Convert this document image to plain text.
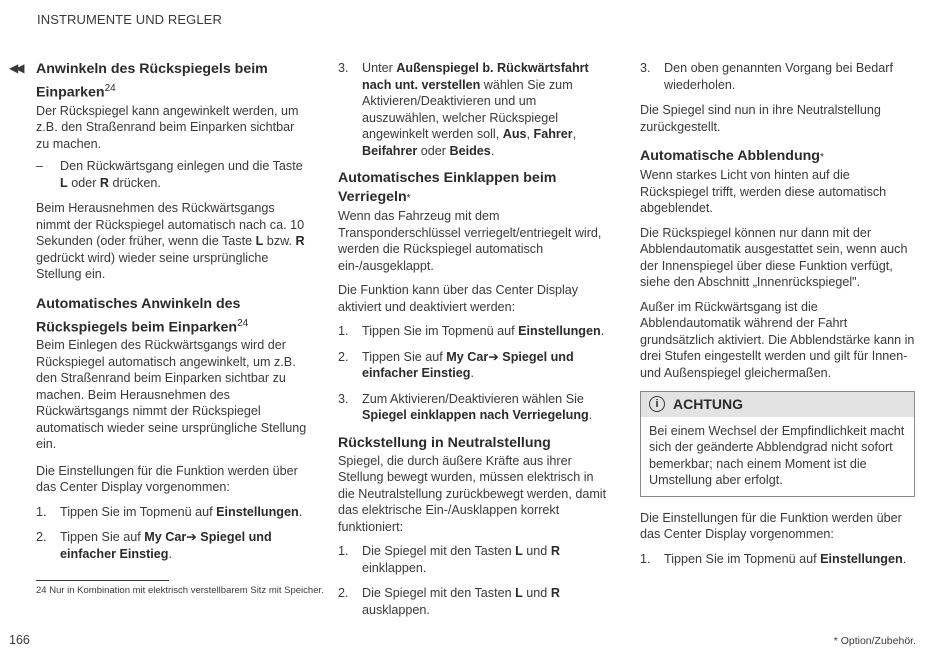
INSTRUMENTE UND REGLER
◀◀ Anwinkeln des Rückspiegels beim Einparken$^{24}$

Der Rückspiegel kann angewinkelt werden, um z.B. den Straßenrand beim Einparken sichtbar zu machen.

– Den Rückwärtsgang einlegen und die Taste L oder R drücken.

Beim Herausnehmen des Rückwärtsgangs nimmt der Rückspiegel automatisch nach ca. 10 Sekunden (oder früher, wenn die Taste L bzw. R gedrückt wird) wieder seine ursprüngliche Stellung ein.

Automatisches Anwinkeln des Rückspiegels beim Einparken$^{24}$

Beim Einlegen des Rückwärtsgangs wird der Rückspiegel automatisch angewinkelt, um z.B. den Straßenrand beim Einparken sichtbar zu machen. Beim Herausnehmen des Rückwärtsgangs nimmt der Rückspiegel automatisch wieder seine ursprüngliche Stellung ein.

Die Einstellungen für die Funktion werden über das Center Display vorgenommen:

1. Tippen Sie im Topmenü auf Einstellungen.
2. Tippen Sie auf My Car➔ Spiegel und einfacher Einstieg.
3. Unter Außenspiegel b. Rückwärtsfahrt nach unt. verstellen wählen Sie zum Aktivieren/Deaktivieren und um auszuwählen, welcher Rückspiegel angewinkelt werden soll, Aus, Fahrer, Beifahrer oder Beides.
Automatisches Einklappen beim Verriegeln*

Wenn das Fahrzeug mit dem Transponderschlüssel verriegelt/entriegelt wird, werden die Rückspiegel automatisch ein-/ausgeklappt.

Die Funktion kann über das Center Display aktiviert und deaktiviert werden:

1. Tippen Sie im Topmenü auf Einstellungen.
2. Tippen Sie auf My Car➔ Spiegel und einfacher Einstieg.
3. Zum Aktivieren/Deaktivieren wählen Sie Spiegel einklappen nach Verriegelung.
Rückstellung in Neutralstellung

Spiegel, die durch äußere Kräfte aus ihrer Stellung bewegt wurden, müssen elektrisch in die Neutralstellung zurückbewegt werden, damit das elektrische Ein-/Ausklappen korrekt funktioniert:

1. Die Spiegel mit den Tasten L und R einklappen.
2. Die Spiegel mit den Tasten L und R ausklappen.
3. Den oben genannten Vorgang bei Bedarf wiederholen.

Die Spiegel sind nun in ihre Neutralstellung zurückgestellt.

Automatische Abblendung*

Wenn starkes Licht von hinten auf die Rückspiegel trifft, werden diese automatisch abgeblendet.

Die Rückspiegel können nur dann mit der Abblendautomatik ausgestattet sein, wenn auch der Innenspiegel über diese Funktion verfügt, siehe den Abschnitt „Innenrückspiegel".

Außer im Rückwärtsgang ist die Abblendautomatik während der Fahrt grundsätzlich aktiviert. Die Abblendstärke kann in drei Stufen eingestellt werden und gilt für Innen- und Außenspiegel gleichermaßen.

i	ACHTUNG
Bei einem Wechsel der Empfindlichkeit macht sich der geänderte Abblendgrad nicht sofort bemerkbar; nach einem Moment ist die Umstellung aber erfolgt.

Die Einstellungen für die Funktion werden über das Center Display vorgenommen:

1. Tippen Sie im Topmenü auf Einstellungen.
24 Nur in Kombination mit elektrisch verstellbarem Sitz mit Speicher.
166	* Option/Zubehör.
